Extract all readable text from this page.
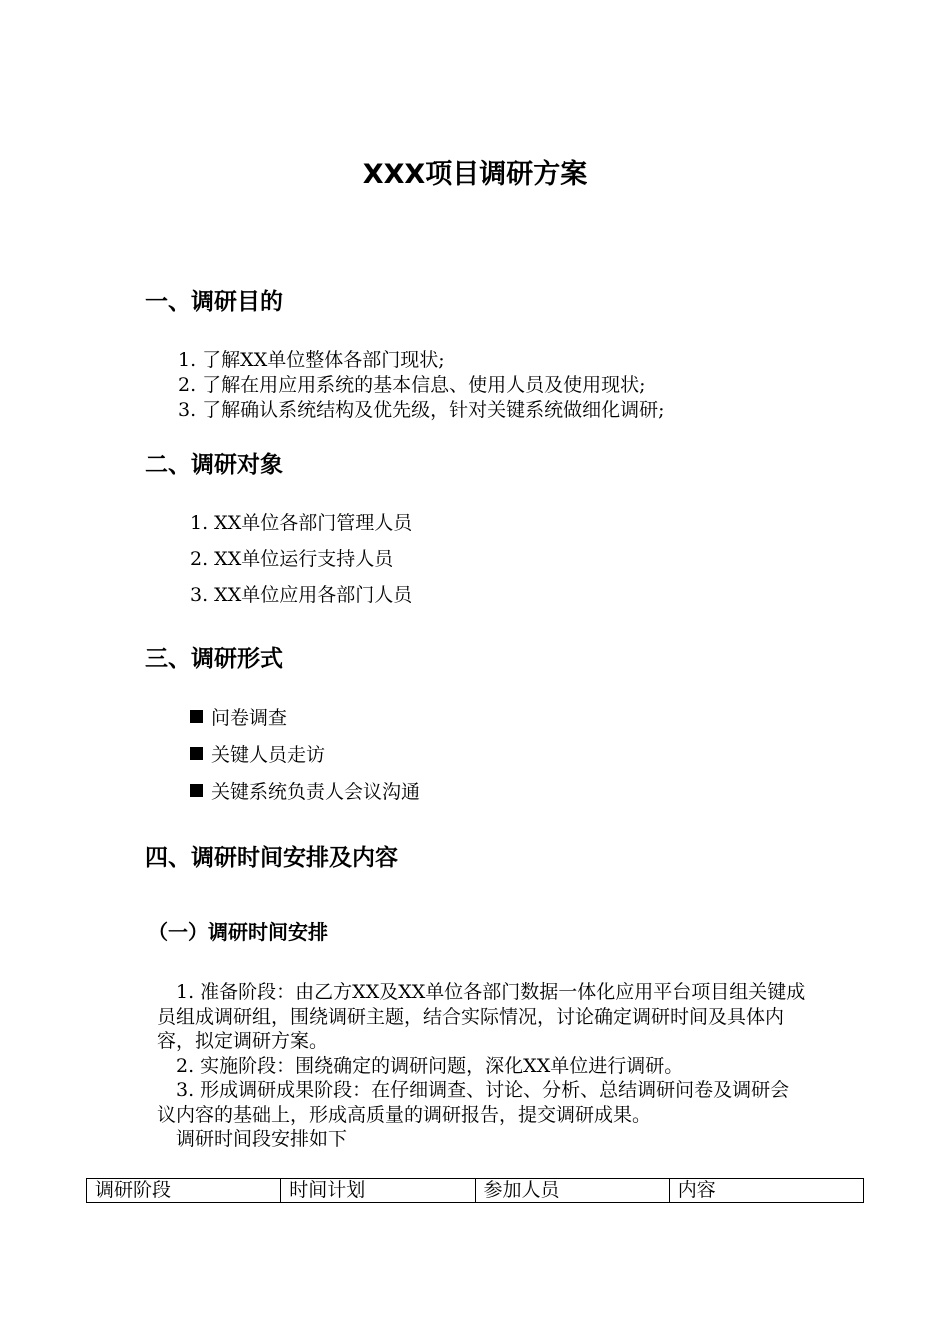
XXX项目调研方案
一、调研目的
1. 了解XX单位整体各部门现状;
2. 了解在用应用系统的基本信息、使用人员及使用现状;
3. 了解确认系统结构及优先级，针对关键系统做细化调研;
二、调研对象
1. XX单位各部门管理人员
2. XX单位运行支持人员
3. XX单位应用各部门人员
三、调研形式
问卷调查
关键人员走访
关键系统负责人会议沟通
四、调研时间安排及内容
（一）调研时间安排

1. 准备阶段：由乙方XX及XX单位各部门数据一体化应用平台项目组关键成员组成调研组，围绕调研主题，结合实际情况，讨论确定调研时间及具体内容，拟定调研方案。

2. 实施阶段：围绕确定的调研问题，深化XX单位进行调研。

3. 形成调研成果阶段：在仔细调查、讨论、分析、总结调研问卷及调研会议内容的基础上，形成高质量的调研报告，提交调研成果。

调研时间段安排如下

调研阶段	时间计划	参加人员	内容
